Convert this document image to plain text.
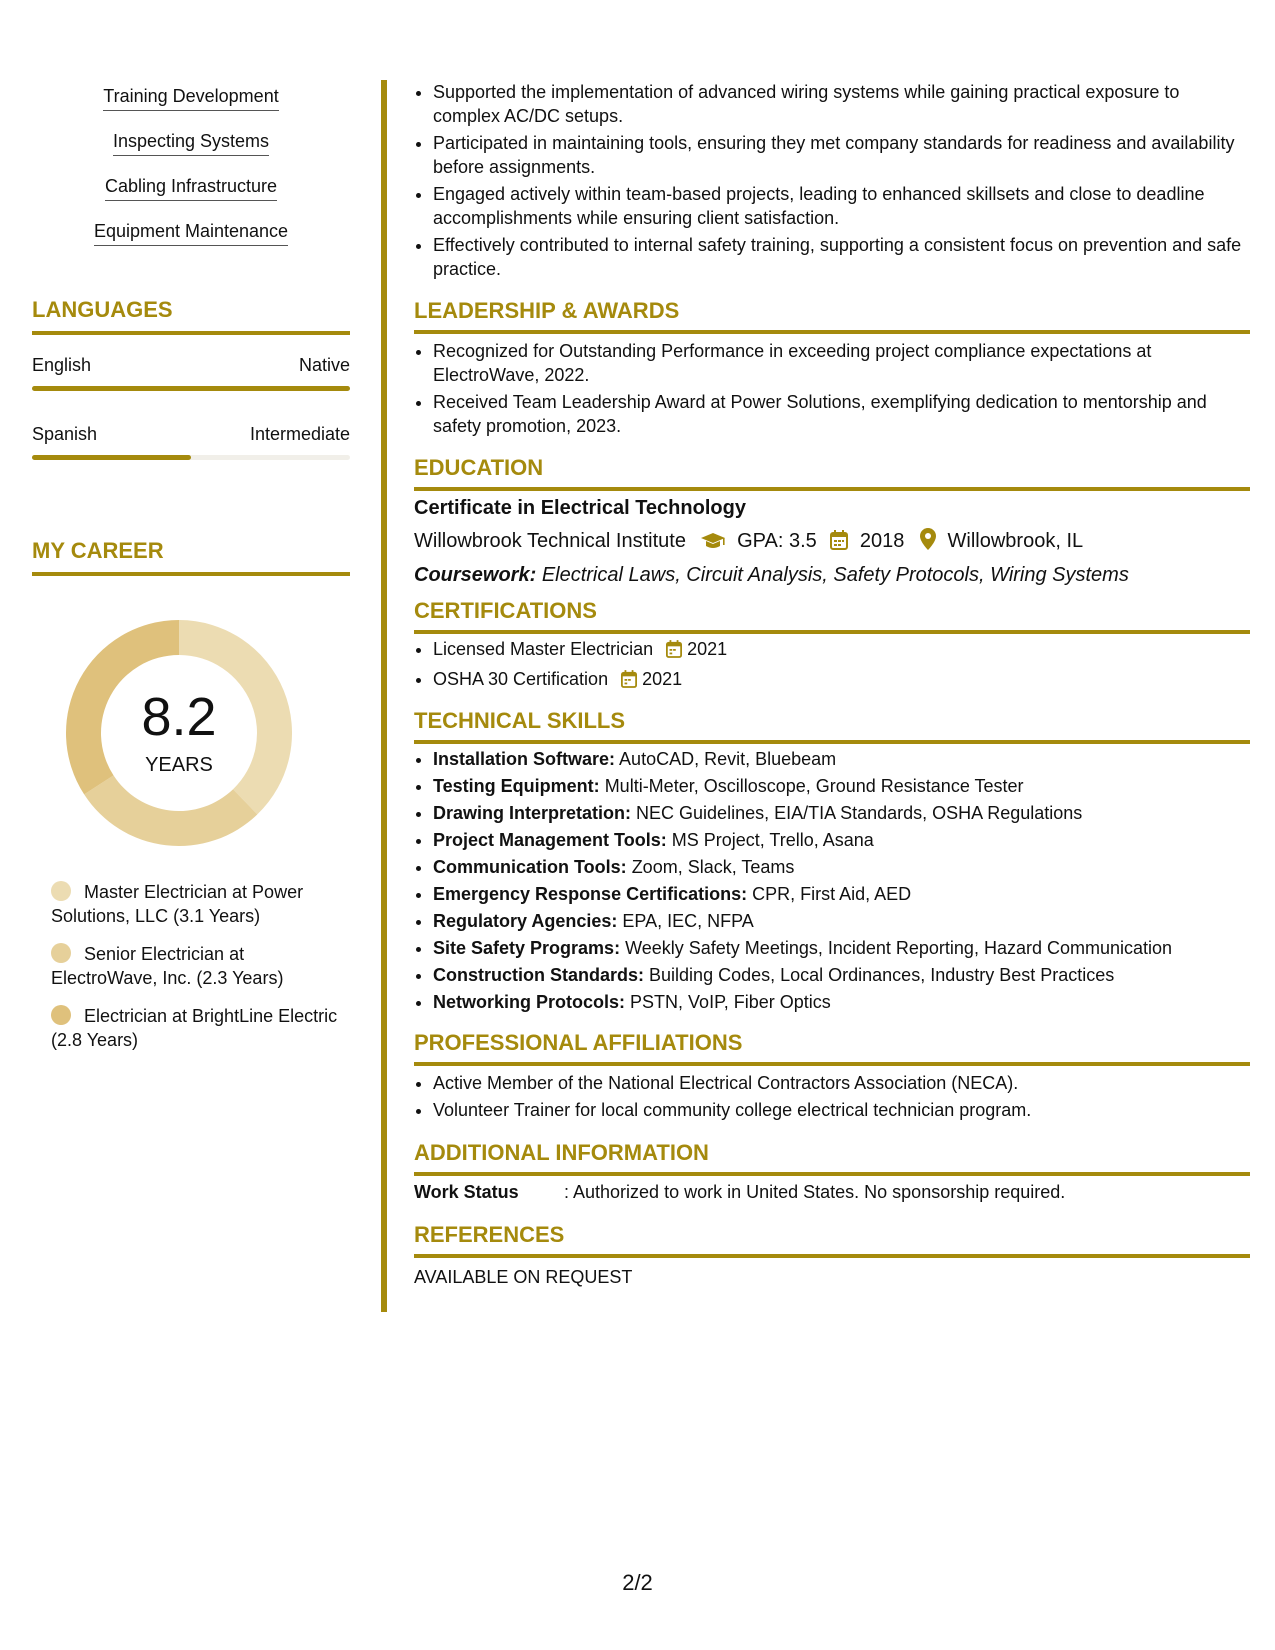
Training Development
Inspecting Systems
Cabling Infrastructure
Equipment Maintenance
LANGUAGES
English	Native
Spanish	Intermediate
MY CAREER
8.2
YEARS
Master Electrician at Power Solutions, LLC (3.1 Years)
Senior Electrician at ElectroWave, Inc. (2.3 Years)
Electrician at BrightLine Electric (2.8 Years)
• Supported the implementation of advanced wiring systems while gaining practical exposure to complex AC/DC setups.
• Participated in maintaining tools, ensuring they met company standards for readiness and availability before assignments.
• Engaged actively within team-based projects, leading to enhanced skillsets and close to deadline accomplishments while ensuring client satisfaction.
• Effectively contributed to internal safety training, supporting a consistent focus on prevention and safe practice.
LEADERSHIP & AWARDS
• Recognized for Outstanding Performance in exceeding project compliance expectations at ElectroWave, 2022.
• Received Team Leadership Award at Power Solutions, exemplifying dedication to mentorship and safety promotion, 2023.
EDUCATION
Certificate in Electrical Technology
Willowbrook Technical Institute	GPA: 3.5 2018 Willowbrook, IL
Coursework: Electrical Laws, Circuit Analysis, Safety Protocols, Wiring Systems
CERTIFICATIONS
• Licensed Master Electrician 2021
• OSHA 30 Certification 2021
TECHNICAL SKILLS
• Installation Software: AutoCAD, Revit, Bluebeam
• Testing Equipment: Multi-Meter, Oscilloscope, Ground Resistance Tester
• Drawing Interpretation: NEC Guidelines, EIA/TIA Standards, OSHA Regulations
• Project Management Tools: MS Project, Trello, Asana
• Communication Tools: Zoom, Slack, Teams
• Emergency Response Certifications: CPR, First Aid, AED
• Regulatory Agencies: EPA, IEC, NFPA
• Site Safety Programs: Weekly Safety Meetings, Incident Reporting, Hazard Communication
• Construction Standards: Building Codes, Local Ordinances, Industry Best Practices
• Networking Protocols: PSTN, VoIP, Fiber Optics
PROFESSIONAL AFFILIATIONS
• Active Member of the National Electrical Contractors Association (NECA).
• Volunteer Trainer for local community college electrical technician program.
ADDITIONAL INFORMATION
Work Status	: Authorized to work in United States. No sponsorship required.
REFERENCES
AVAILABLE ON REQUEST
2/2
